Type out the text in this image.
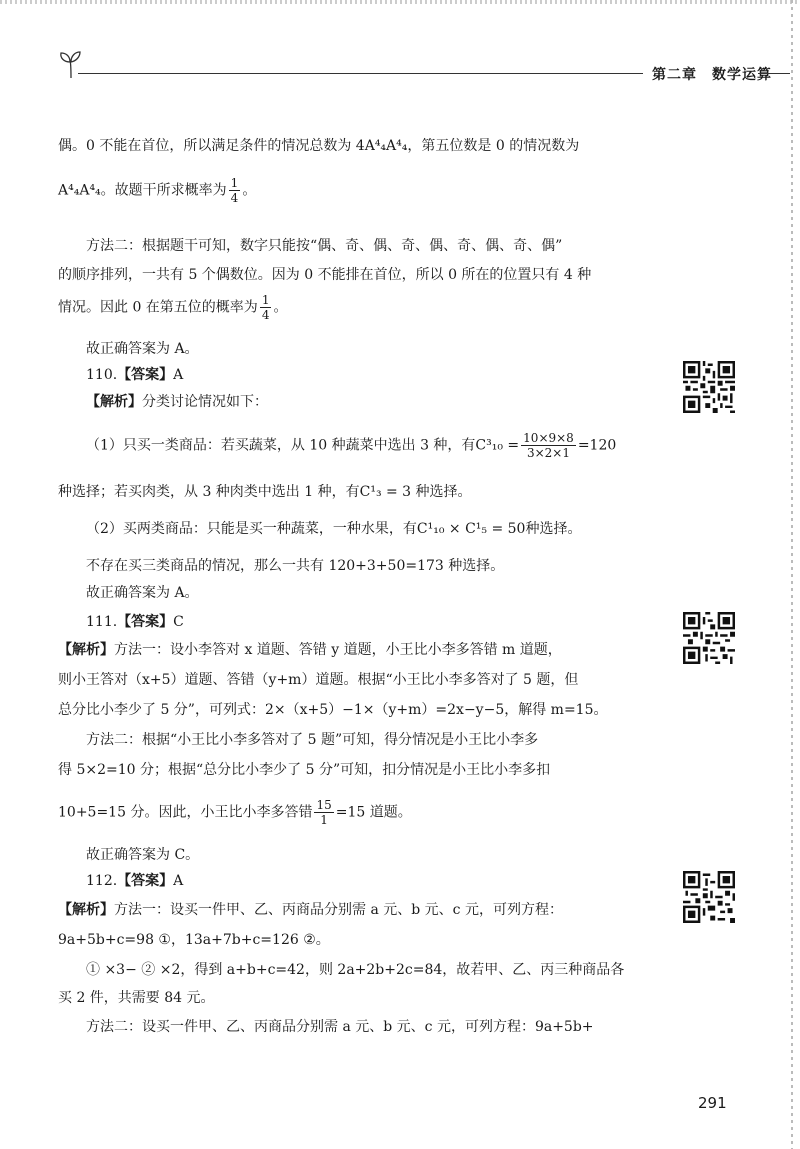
第二章　数学运算
偶。0 不能在首位，所以满足条件的情况总数为 4A⁴₄A⁴₄，第五位数是 0 的情况数为
A⁴₄A⁴₄。故题干所求概率为 $\frac{1}{4}$ 。
方法二：根据题干可知，数字只能按“偶、奇、偶、奇、偶、奇、偶、奇、偶”
的顺序排列，一共有 5 个偶数位。因为 0 不能排在首位，所以 0 所在的位置只有 4 种
情况。因此 0 在第五位的概率为 $\frac{1}{4}$ 。
故正确答案为 A。
110.【答案】A
【解析】分类讨论情况如下：
（1）只买一类商品：若买蔬菜，从 10 种蔬菜中选出 3 种，有$C^3_{10} = \frac{10\times 9\times 8}{3\times 2\times 1} =120$
种选择；若买肉类，从 3 种肉类中选出 1 种，有C¹₃ = 3 种选择。
（2）买两类商品：只能是买一种蔬菜，一种水果，有C¹₁₀ × C¹₅ = 50种选择。
不存在买三类商品的情况，那么一共有 120+3+50=173 种选择。
故正确答案为 A。
111.【答案】C
【解析】方法一：设小李答对 x 道题、答错 y 道题，小王比小李多答错 m 道题，
则小王答对（x+5）道题、答错（y+m）道题。根据“小王比小李多答对了 5 题，但
总分比小李少了 5 分”，可列式：2×（x+5）−1×（y+m）=2x−y−5，解得 m=15。
方法二：根据“小王比小李多答对了 5 题”可知，得分情况是小王比小李多
得 5×2=10 分；根据“总分比小李少了 5 分”可知，扣分情况是小王比小李多扣
10+5=15 分。因此，小王比小李多答错 $\frac{15}{1} =15$ 道题。
故正确答案为 C。
112.【答案】A
【解析】方法一：设买一件甲、乙、丙商品分别需 a 元、b 元、c 元，可列方程：
9a+5b+c=98 ①，13a+7b+c=126 ②。
① ×3− ② ×2，得到 a+b+c=42，则 2a+2b+2c=84，故若甲、乙、丙三种商品各
买 2 件，共需要 84 元。
方法二：设买一件甲、乙、丙商品分别需 a 元、b 元、c 元，可列方程：9a+5b+
291
